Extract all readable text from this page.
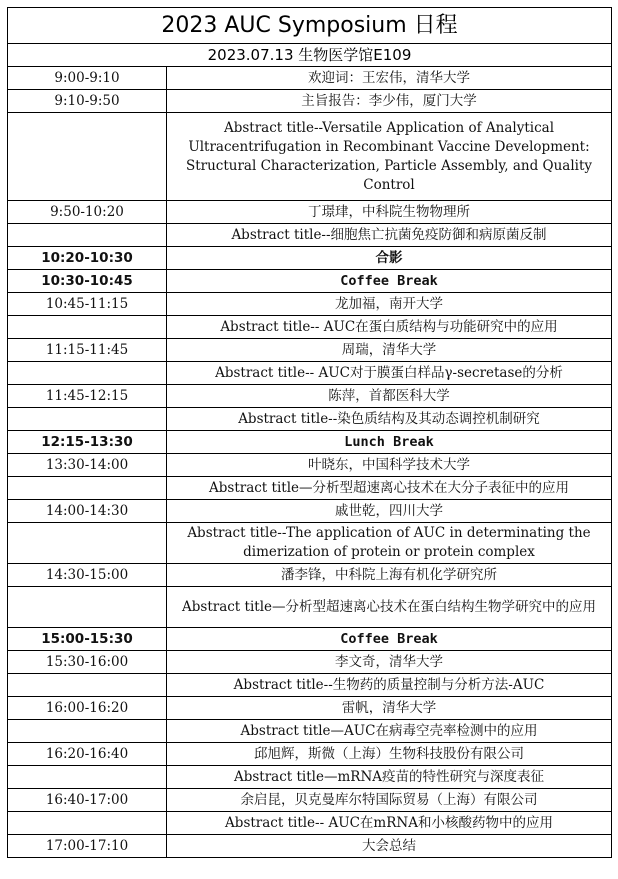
2023 AUC Symposium 日程	
2023.07.13 生物医学馆E109	
9:00-9:10	欢迎词：王宏伟，清华大学
9:10-9:50	主旨报告：李少伟，厦门大学
	Abstract title--Versatile Application of Analytical Ultracentrifugation in Recombinant Vaccine Development: Structural Characterization, Particle Assembly, and Quality Control
9:50-10:20	丁璟珒，中科院生物物理所
	Abstract title--细胞焦亡抗菌免疫防御和病原菌反制
10:20-10:30	合影
10:30-10:45	Coffee Break
10:45-11:15	龙加福，南开大学
	Abstract title-- AUC在蛋白质结构与功能研究中的应用
11:15-11:45	周瑞，清华大学
	Abstract title-- AUC对于膜蛋白样品γ-secretase的分析
11:45-12:15	陈萍，首都医科大学
	Abstract title--染色质结构及其动态调控机制研究
12:15-13:30	Lunch Break
13:30-14:00	叶晓东，中国科学技术大学
	Abstract title—分析型超速离心技术在大分子表征中的应用
14:00-14:30	戚世乾，四川大学
	Abstract title--The application of AUC in determinating the dimerization of protein or protein complex
14:30-15:00	潘李锋，中科院上海有机化学研究所
	Abstract title—分析型超速离心技术在蛋白结构生物学研究中的应用
15:00-15:30	Coffee Break
15:30-16:00	李文奇，清华大学
	Abstract title--生物药的质量控制与分析方法-AUC
16:00-16:20	雷帆，清华大学
	Abstract title—AUC在病毒空壳率检测中的应用
16:20-16:40	邱旭辉，斯微（上海）生物科技股份有限公司
	Abstract title—mRNA疫苗的特性研究与深度表征
16:40-17:00	余启昆，贝克曼库尔特国际贸易（上海）有限公司
	Abstract title-- AUC在mRNA和小核酸药物中的应用
17:00-17:10	大会总结
